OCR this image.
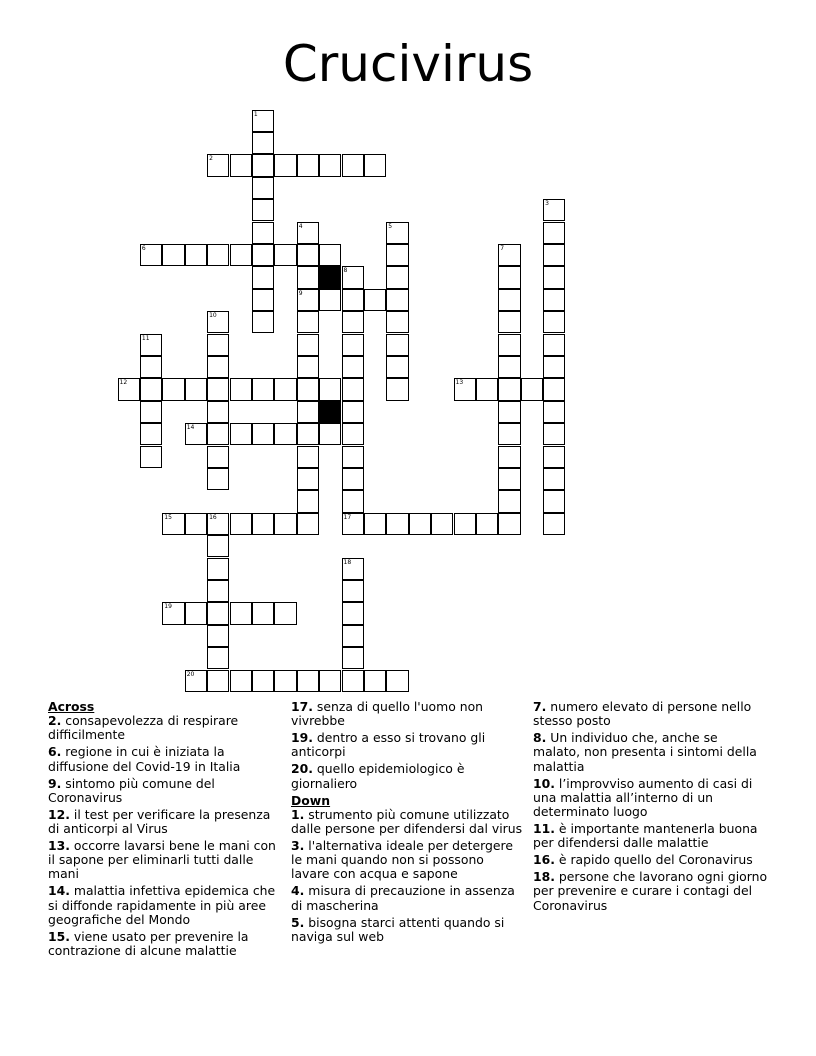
Crucivirus
1
2
3
4
9
5
6	7
8
17
10
11
12	13
14
15	16
18
19
20
Across
2. consapevolezza di respirare difficilmente
6. regione in cui è iniziata la diffusione del Covid-19 in Italia
9. sintomo più comune del Coronavirus
12. il test per verificare la presenza di anticorpi al Virus
13. occorre lavarsi bene le mani con il sapone per eliminarli tutti dalle mani
14. malattia infettiva epidemica che si diffonde rapidamente in più aree geografiche del Mondo
15. viene usato per prevenire la contrazione di alcune malattie
17. senza di quello l'uomo non vivrebbe
19. dentro a esso si trovano gli anticorpi
20. quello epidemiologico è giornaliero
Down
1. strumento più comune utilizzato dalle persone per difendersi dal virus
3. l'alternativa ideale per detergere le mani quando non si possono lavare con acqua e sapone
4. misura di precauzione in assenza di mascherina
5. bisogna starci attenti quando si naviga sul web
7. numero elevato di persone nello stesso posto
8. Un individuo che, anche se malato, non presenta i sintomi della malattia
10. l’improvviso aumento di casi di una malattia all’interno di un determinato luogo
11. è importante mantenerla buona per difendersi dalle malattie
16. è rapido quello del Coronavirus
18. persone che lavorano ogni giorno per prevenire e curare i contagi del Coronavirus
